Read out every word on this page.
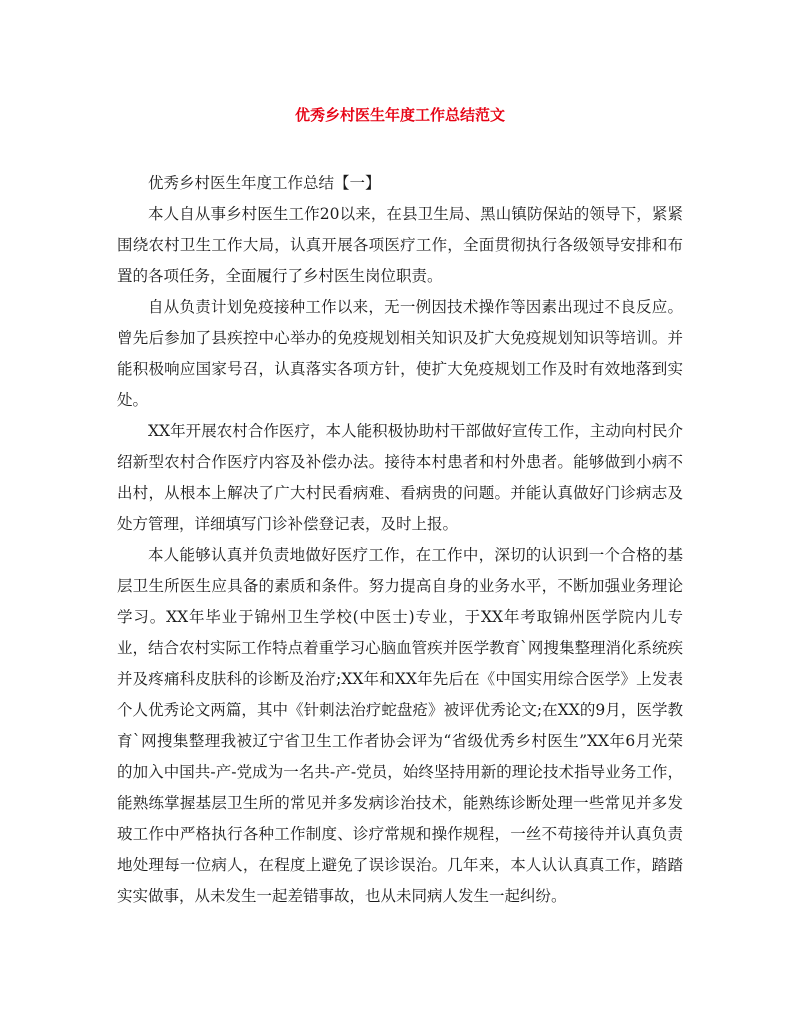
优秀乡村医生年度工作总结范文

优秀乡村医生年度工作总结【一】

本人自从事乡村医生工作20以来，在县卫生局、黑山镇防保站的领导下，紧紧围绕农村卫生工作大局，认真开展各项医疗工作，全面贯彻执行各级领导安排和布置的各项任务，全面履行了乡村医生岗位职责。

自从负责计划免疫接种工作以来，无一例因技术操作等因素出现过不良反应。曾先后参加了县疾控中心举办的免疫规划相关知识及扩大免疫规划知识等培训。并能积极响应国家号召，认真落实各项方针，使扩大免疫规划工作及时有效地落到实处。

XX年开展农村合作医疗，本人能积极协助村干部做好宣传工作，主动向村民介绍新型农村合作医疗内容及补偿办法。接待本村患者和村外患者。能够做到小病不出村，从根本上解决了广大村民看病难、看病贵的问题。并能认真做好门诊病志及处方管理，详细填写门诊补偿登记表，及时上报。

本人能够认真并负责地做好医疗工作，在工作中，深切的认识到一个合格的基层卫生所医生应具备的素质和条件。努力提高自身的业务水平，不断加强业务理论学习。XX年毕业于锦州卫生学校(中医士)专业，于XX年考取锦州医学院内儿专业，结合农村实际工作特点着重学习心脑血管疾并医学教育`网搜集整理消化系统疾并及疼痛科皮肤科的诊断及治疗;XX年和XX年先后在《中国实用综合医学》上发表个人优秀论文两篇，其中《针刺法治疗蛇盘疮》被评优秀论文;在XX的9月，医学教育`网搜集整理我被辽宁省卫生工作者协会评为“省级优秀乡村医生”XX年6月光荣的加入中国共-产-党成为一名共-产-党员，始终坚持用新的理论技术指导业务工作，能熟练掌握基层卫生所的常见并多发病诊治技术，能熟练诊断处理一些常见并多发玻工作中严格执行各种工作制度、诊疗常规和操作规程，一丝不苟接待并认真负责地处理每一位病人，在程度上避免了误诊误治。几年来，本人认认真真工作，踏踏实实做事，从未发生一起差错事故，也从未同病人发生一起纠纷。
